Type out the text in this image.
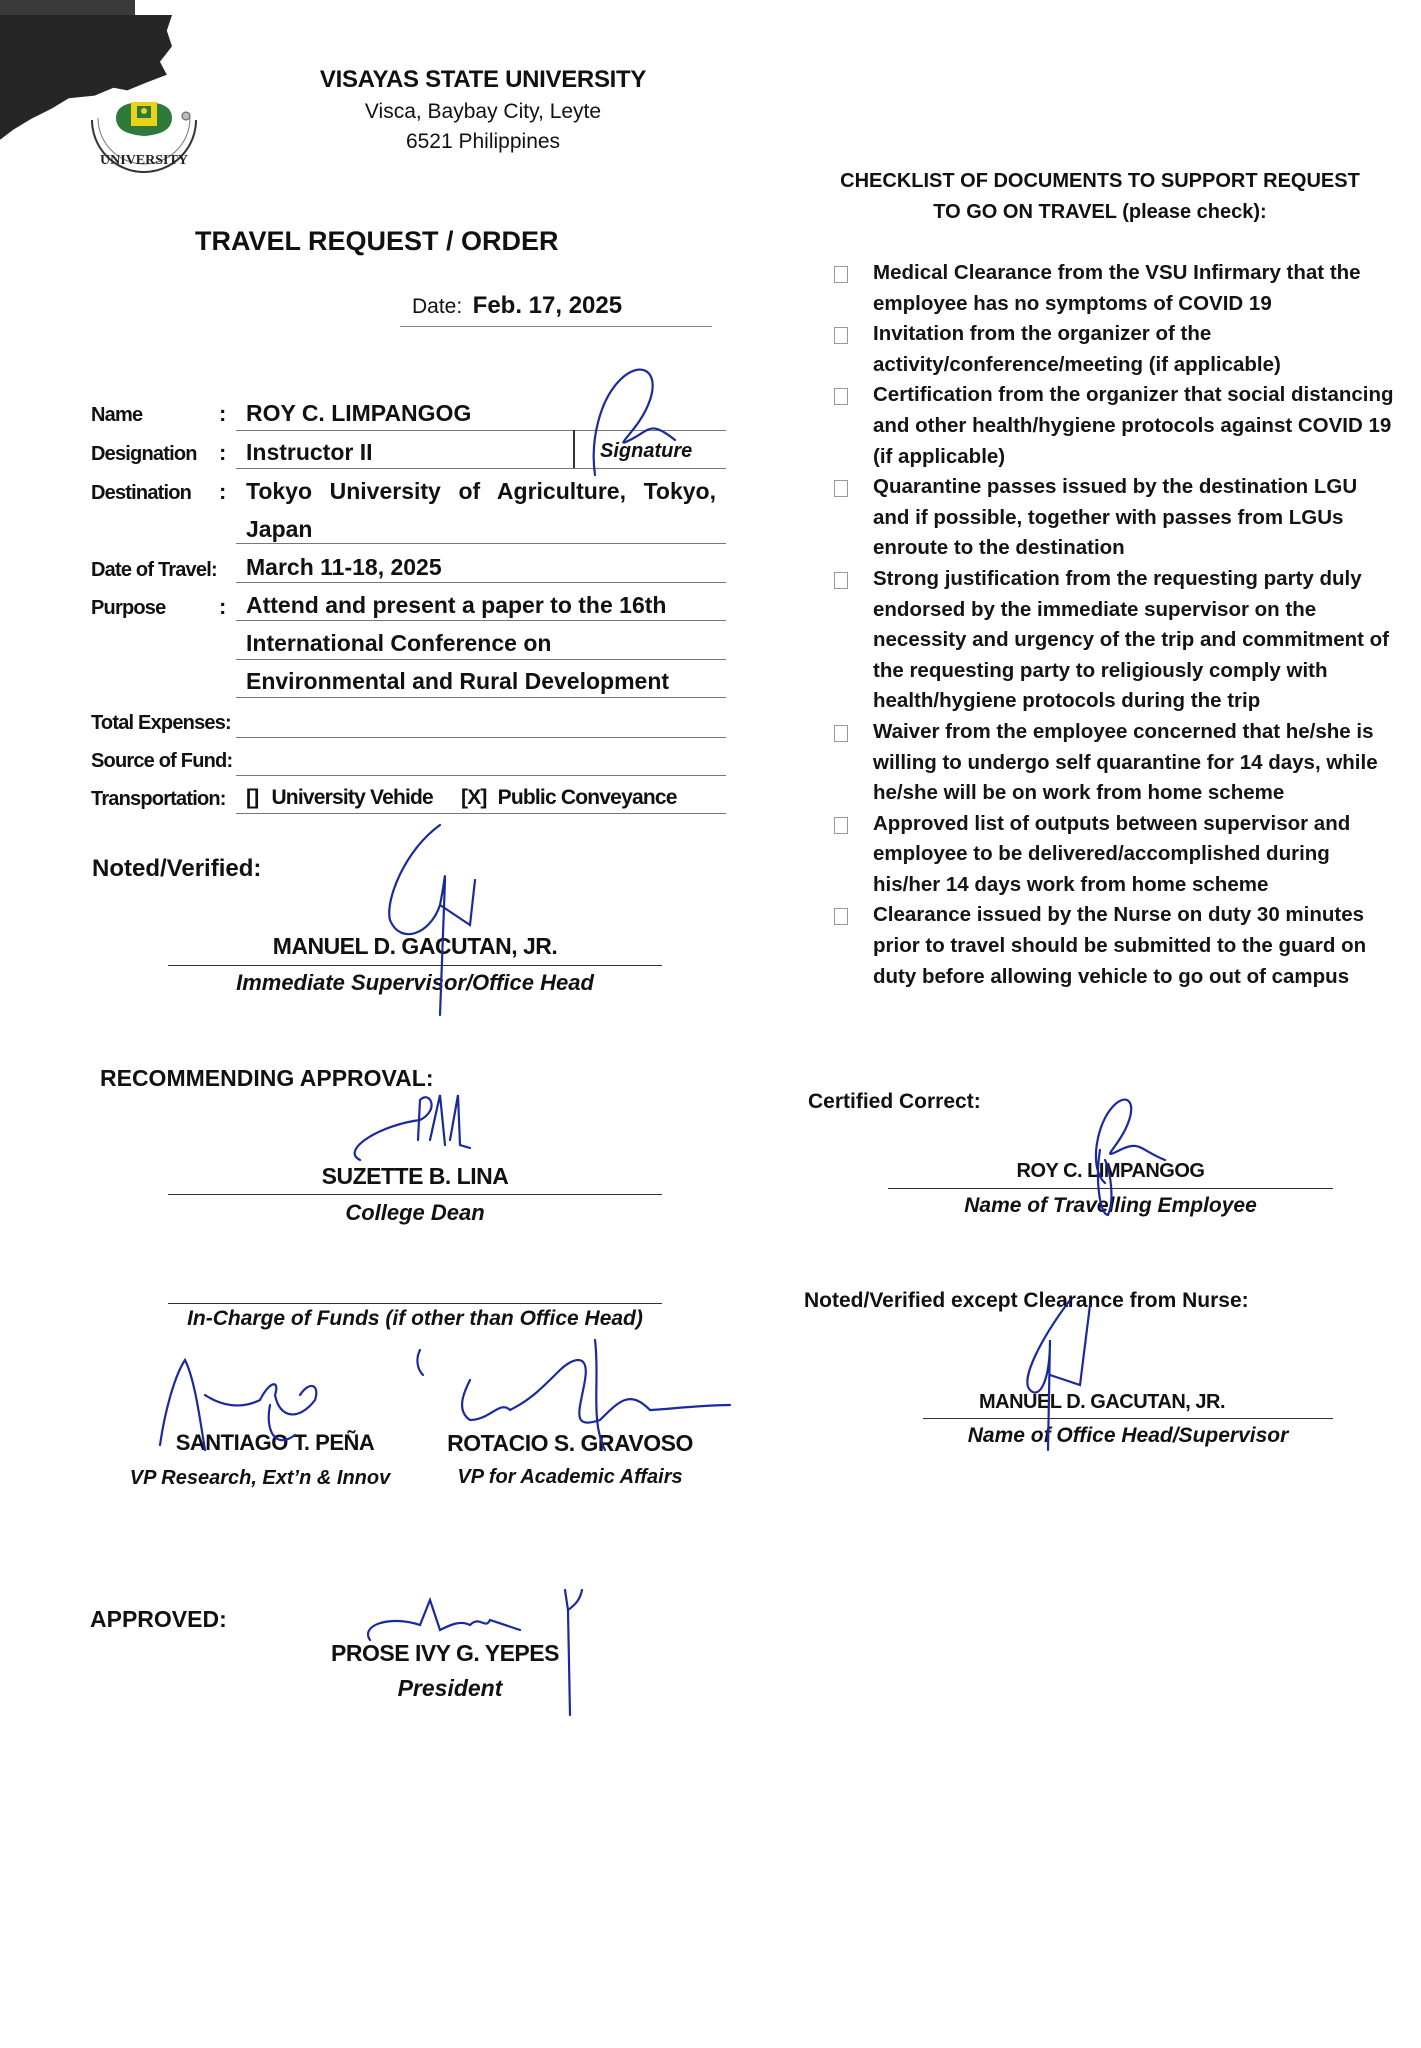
UNIVERSITY
VISAYAS STATE UNIVERSITY
Visca, Baybay City, Leyte
6521 Philippines
TRAVEL REQUEST / ORDER
Date: Feb. 17, 2025
Name	: ROY C. LIMPANGOG
Designation : Instructor II	Signature
Destination : Tokyo University of Agriculture, Tokyo,
Japan
Date of Travel: March 11-18, 2025
Purpose : Attend and present a paper to the 16th
International Conference on
Environmental and Rural Development
Total Expenses:
Source of Fund:
Transportation: [] University Vehide [X] Public Conveyance
Noted/Verified:
MANUEL D. GACUTAN, JR.
Immediate Supervisor/Office Head
RECOMMENDING APPROVAL:
SUZETTE B. LINA
College Dean
In-Charge of Funds (if other than Office Head)
SANTIAGO T. PEÑA
VP Research, Ext’n & Innov
ROTACIO S. GRAVOSO
VP for Academic Affairs
APPROVED:
PROSE IVY G. YEPES
President
CHECKLIST OF DOCUMENTS TO SUPPORT REQUEST
TO GO ON TRAVEL (please check):
Medical Clearance from the VSU Infirmary that the employee has no symptoms of COVID 19
Invitation from the organizer of the activity/conference/meeting (if applicable)
Certification from the organizer that social distancing and other health/hygiene protocols against COVID 19 (if applicable)
Quarantine passes issued by the destination LGU and if possible, together with passes from LGUs enroute to the destination
Strong justification from the requesting party duly endorsed by the immediate supervisor on the necessity and urgency of the trip and commitment of the requesting party to religiously comply with health/hygiene protocols during the trip
Waiver from the employee concerned that he/she is willing to undergo self quarantine for 14 days, while he/she will be on work from home scheme
Approved list of outputs between supervisor and employee to be delivered/accomplished during his/her 14 days work from home scheme
Clearance issued by the Nurse on duty 30 minutes prior to travel should be submitted to the guard on duty before allowing vehicle to go out of campus
Certified Correct:
ROY C. LIMPANGOG
Name of Travelling Employee
Noted/Verified except Clearance from Nurse:
MANUEL D. GACUTAN, JR.
Name of Office Head/Supervisor
